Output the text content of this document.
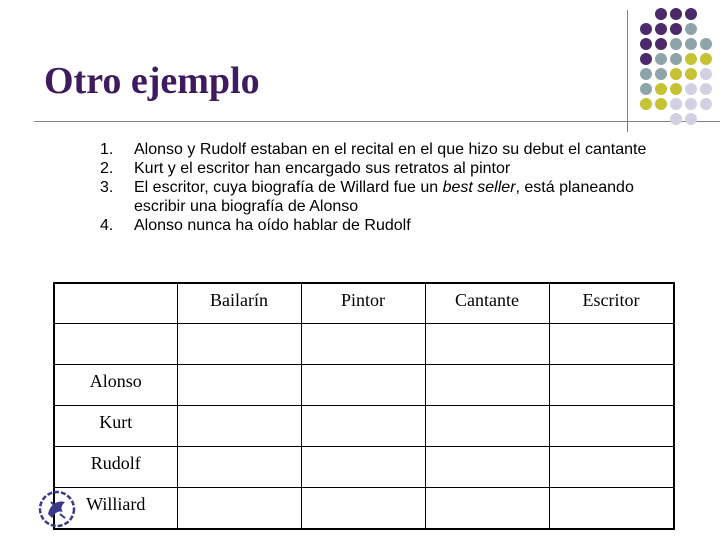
Otro ejemplo
1.	Alonso y Rudolf estaban en el recital en el que hizo su debut el cantante
2.	Kurt y el escritor han encargado sus retratos al pintor
3.	El escritor, cuya biografía de Willard fue un best seller, está planeando escribir una biografía de Alonso
4.	Alonso nunca ha oído hablar de Rudolf
	Bailarín	Pintor	Cantante	Escritor

Alonso				
Kurt				
Rudolf				
Williard				
